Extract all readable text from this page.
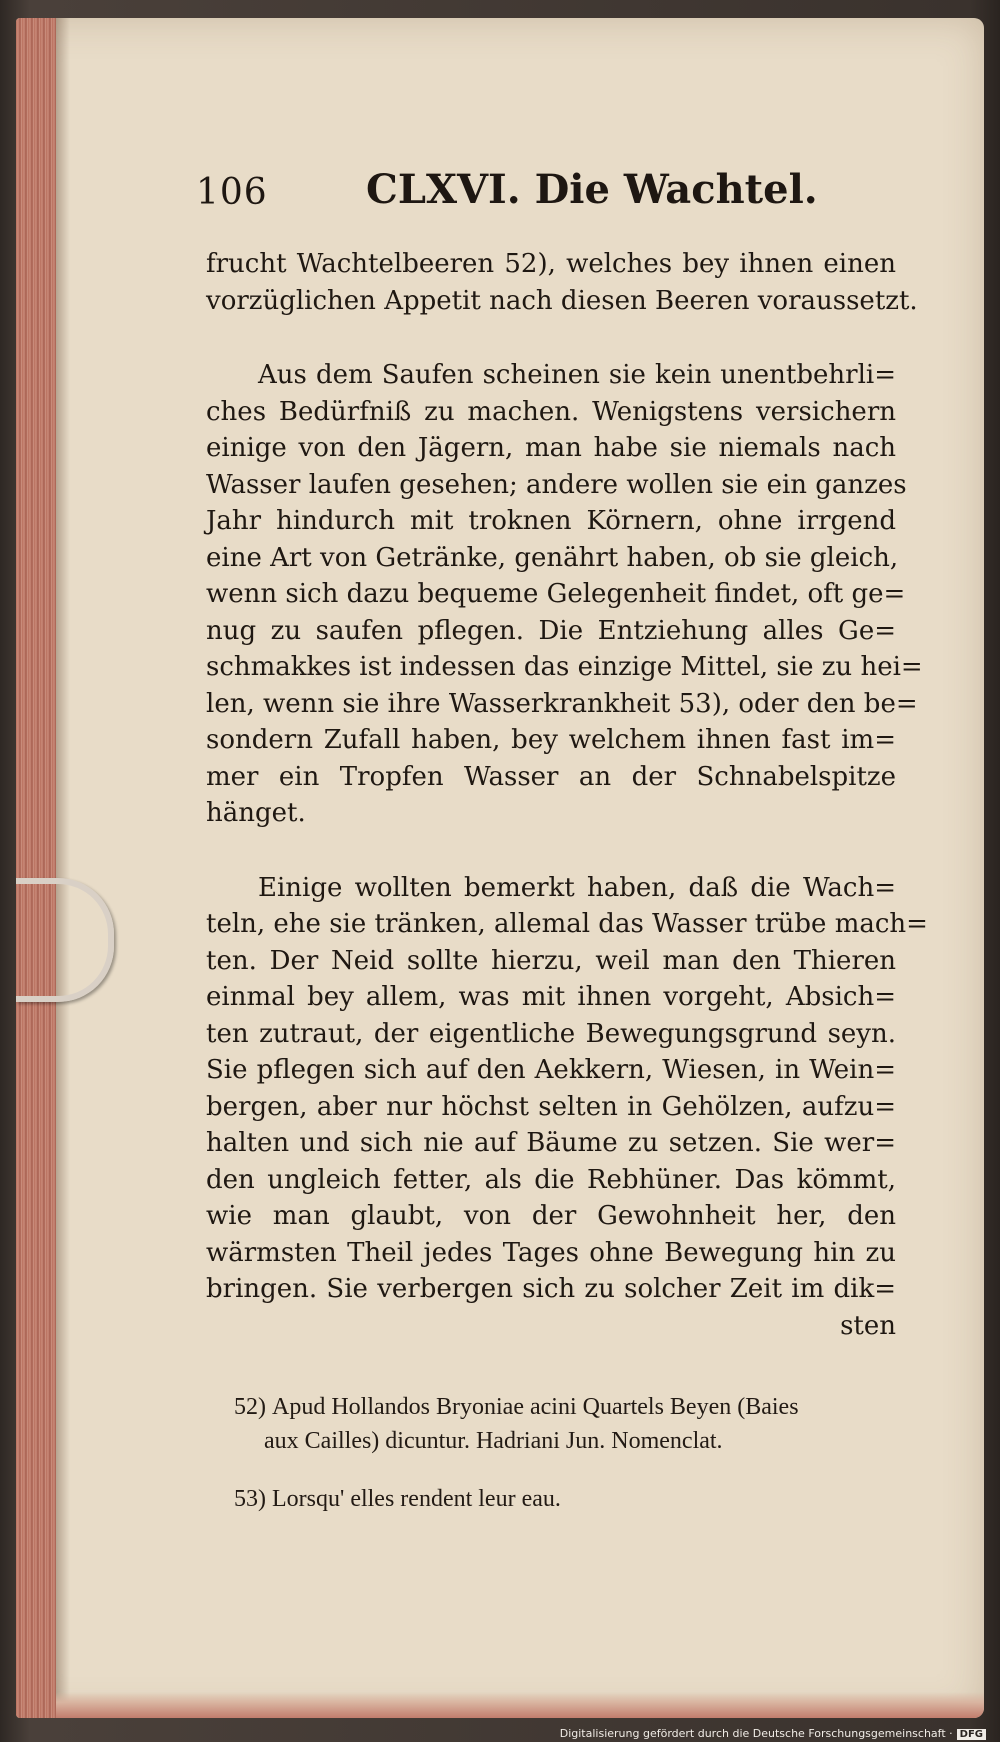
106 CLXVI. Die Wachtel.
frucht Wachtelbeeren 52), welches bey ihnen einen
vorzüglichen Appetit nach diesen Beeren voraussetzt.
Aus dem Saufen scheinen sie kein unentbehrli=
ches Bedürfniß zu machen. Wenigstens versichern
einige von den Jägern, man habe sie niemals nach
Wasser laufen gesehen; andere wollen sie ein ganzes
Jahr hindurch mit troknen Körnern, ohne irrgend
eine Art von Getränke, genährt haben, ob sie gleich,
wenn sich dazu bequeme Gelegenheit findet, oft ge=
nug zu saufen pflegen. Die Entziehung alles Ge=
schmakkes ist indessen das einzige Mittel, sie zu hei=
len, wenn sie ihre Wasserkrankheit 53), oder den be=
sondern Zufall haben, bey welchem ihnen fast im=
mer ein Tropfen Wasser an der Schnabelspitze
hänget.
Einige wollten bemerkt haben, daß die Wach=
teln, ehe sie tränken, allemal das Wasser trübe mach=
ten. Der Neid sollte hierzu, weil man den Thieren
einmal bey allem, was mit ihnen vorgeht, Absich=
ten zutraut, der eigentliche Bewegungsgrund seyn.
Sie pflegen sich auf den Aekkern, Wiesen, in Wein=
bergen, aber nur höchst selten in Gehölzen, aufzu=
halten und sich nie auf Bäume zu setzen. Sie wer=
den ungleich fetter, als die Rebhüner. Das kömmt,
wie man glaubt, von der Gewohnheit her, den
wärmsten Theil jedes Tages ohne Bewegung hin zu
bringen. Sie verbergen sich zu solcher Zeit im dik=
sten

52) Apud Hollandos Bryoniae acini Quartels Beyen (Baies
aux Cailles) dicuntur. Hadriani Jun. Nomenclat.

53) Lorsqu' elles rendent leur eau.

Digitalisierung gefördert durch die Deutsche Forschungsgemeinschaft · DFG
